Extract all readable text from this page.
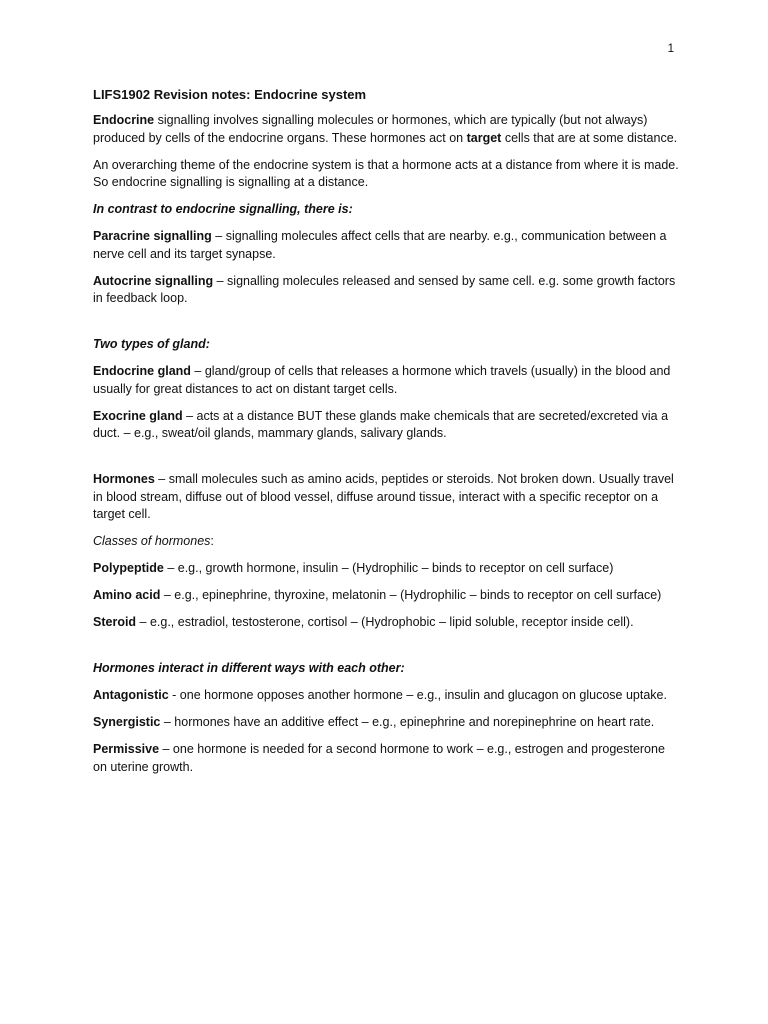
1
LIFS1902 Revision notes: Endocrine system

Endocrine signalling involves signalling molecules or hormones, which are typically (but not always) produced by cells of the endocrine organs. These hormones act on target cells that are at some distance.

An overarching theme of the endocrine system is that a hormone acts at a distance from where it is made. So endocrine signalling is signalling at a distance.

In contrast to endocrine signalling, there is:

Paracrine signalling – signalling molecules affect cells that are nearby. e.g., communication between a nerve cell and its target synapse.

Autocrine signalling – signalling molecules released and sensed by same cell. e.g. some growth factors in feedback loop.

Two types of gland:

Endocrine gland – gland/group of cells that releases a hormone which travels (usually) in the blood and usually for great distances to act on distant target cells.

Exocrine gland – acts at a distance BUT these glands make chemicals that are secreted/excreted via a duct. – e.g., sweat/oil glands, mammary glands, salivary glands.

Hormones – small molecules such as amino acids, peptides or steroids. Not broken down. Usually travel in blood stream, diffuse out of blood vessel, diffuse around tissue, interact with a specific receptor on a target cell.

Classes of hormones:

Polypeptide – e.g., growth hormone, insulin – (Hydrophilic – binds to receptor on cell surface)

Amino acid – e.g., epinephrine, thyroxine, melatonin – (Hydrophilic – binds to receptor on cell surface)

Steroid – e.g., estradiol, testosterone, cortisol – (Hydrophobic – lipid soluble, receptor inside cell).

Hormones interact in different ways with each other:

Antagonistic - one hormone opposes another hormone – e.g., insulin and glucagon on glucose uptake.

Synergistic – hormones have an additive effect – e.g., epinephrine and norepinephrine on heart rate.

Permissive – one hormone is needed for a second hormone to work – e.g., estrogen and progesterone on uterine growth.
